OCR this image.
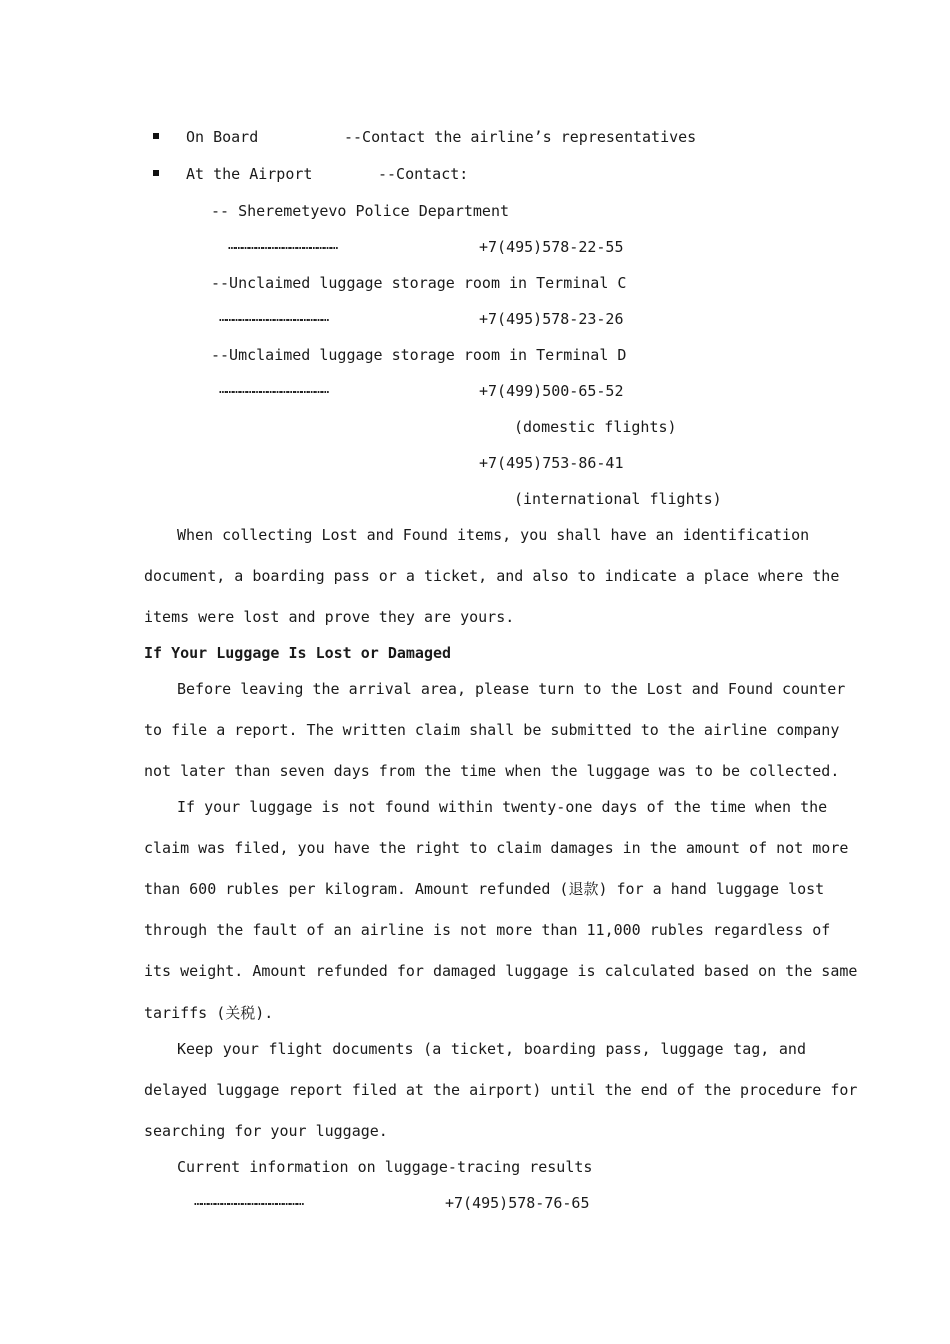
On Board	--Contact the airline’s representatives
At the Airport	--Contact:
-- Sheremetyevo Police Department
…………………………………………	+7(495)578-22-55
--Unclaimed luggage storage room in Terminal C
…………………………………………	+7(495)578-23-26
--Umclaimed luggage storage room in Terminal D
…………………………………………	+7(499)500-65-52
(domestic flights)
+7(495)753-86-41
(international flights)
When collecting Lost and Found items, you shall have an identification
document, a boarding pass or a ticket, and also to indicate a place where the
items were lost and prove they are yours.
If Your Luggage Is Lost or Damaged
Before leaving the arrival area, please turn to the Lost and Found counter
to file a report. The written claim shall be submitted to the airline company
not later than seven days from the time when the luggage was to be collected.
If your luggage is not found within twenty-one days of the time when the
claim was filed, you have the right to claim damages in the amount of not more
than 600 rubles per kilogram. Amount refunded (退款) for a hand luggage lost
through the fault of an airline is not more than 11,000 rubles regardless of
its weight. Amount refunded for damaged luggage is calculated based on the same
tariffs (关税).
Keep your flight documents (a ticket, boarding pass, luggage tag, and
delayed luggage report filed at the airport) until the end of the procedure for
searching for your luggage.
Current information on luggage-tracing results
…………………………………………	+7(495)578-76-65
